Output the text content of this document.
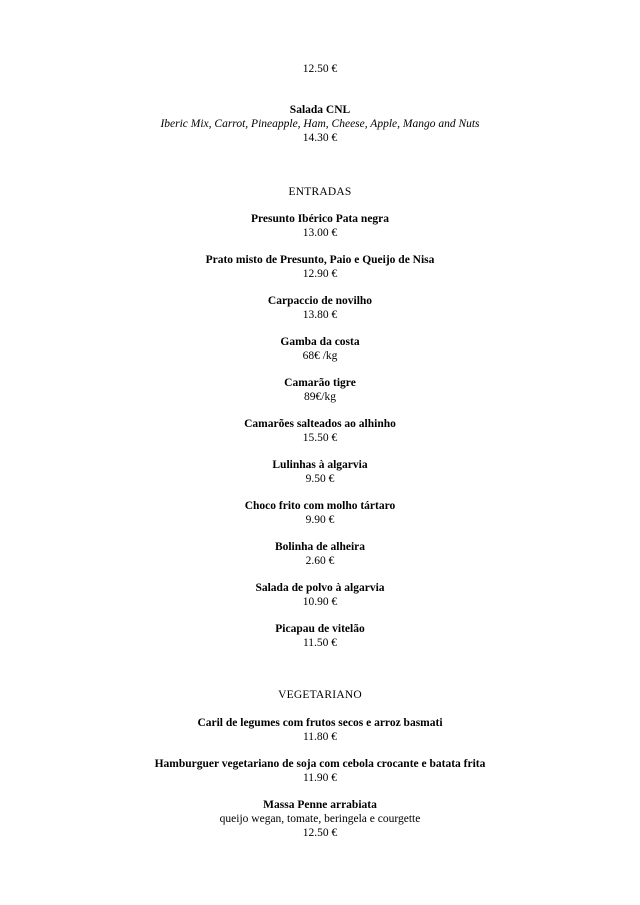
12.50 €
Salada CNL
Iberic Mix, Carrot, Pineapple, Ham, Cheese, Apple, Mango and Nuts
14.30 €
ENTRADAS
Presunto Ibérico Pata negra
13.00 €
Prato misto de Presunto, Paio e Queijo de Nisa
12.90 €
Carpaccio de novilho
13.80 €
Gamba da costa
68€ /kg
Camarão tigre
89€/kg
Camarões salteados ao alhinho
15.50 €
Lulinhas à algarvia
9.50 €
Choco frito com molho tártaro
9.90 €
Bolinha de alheira
2.60 €
Salada de polvo à algarvia
10.90 €
Picapau de vitelão
11.50 €
VEGETARIANO
Caril de legumes com frutos secos e arroz basmati
11.80 €
Hamburguer vegetariano de soja com cebola crocante e batata frita
11.90 €
Massa Penne arrabiata
queijo wegan, tomate, beringela e courgette
12.50 €
